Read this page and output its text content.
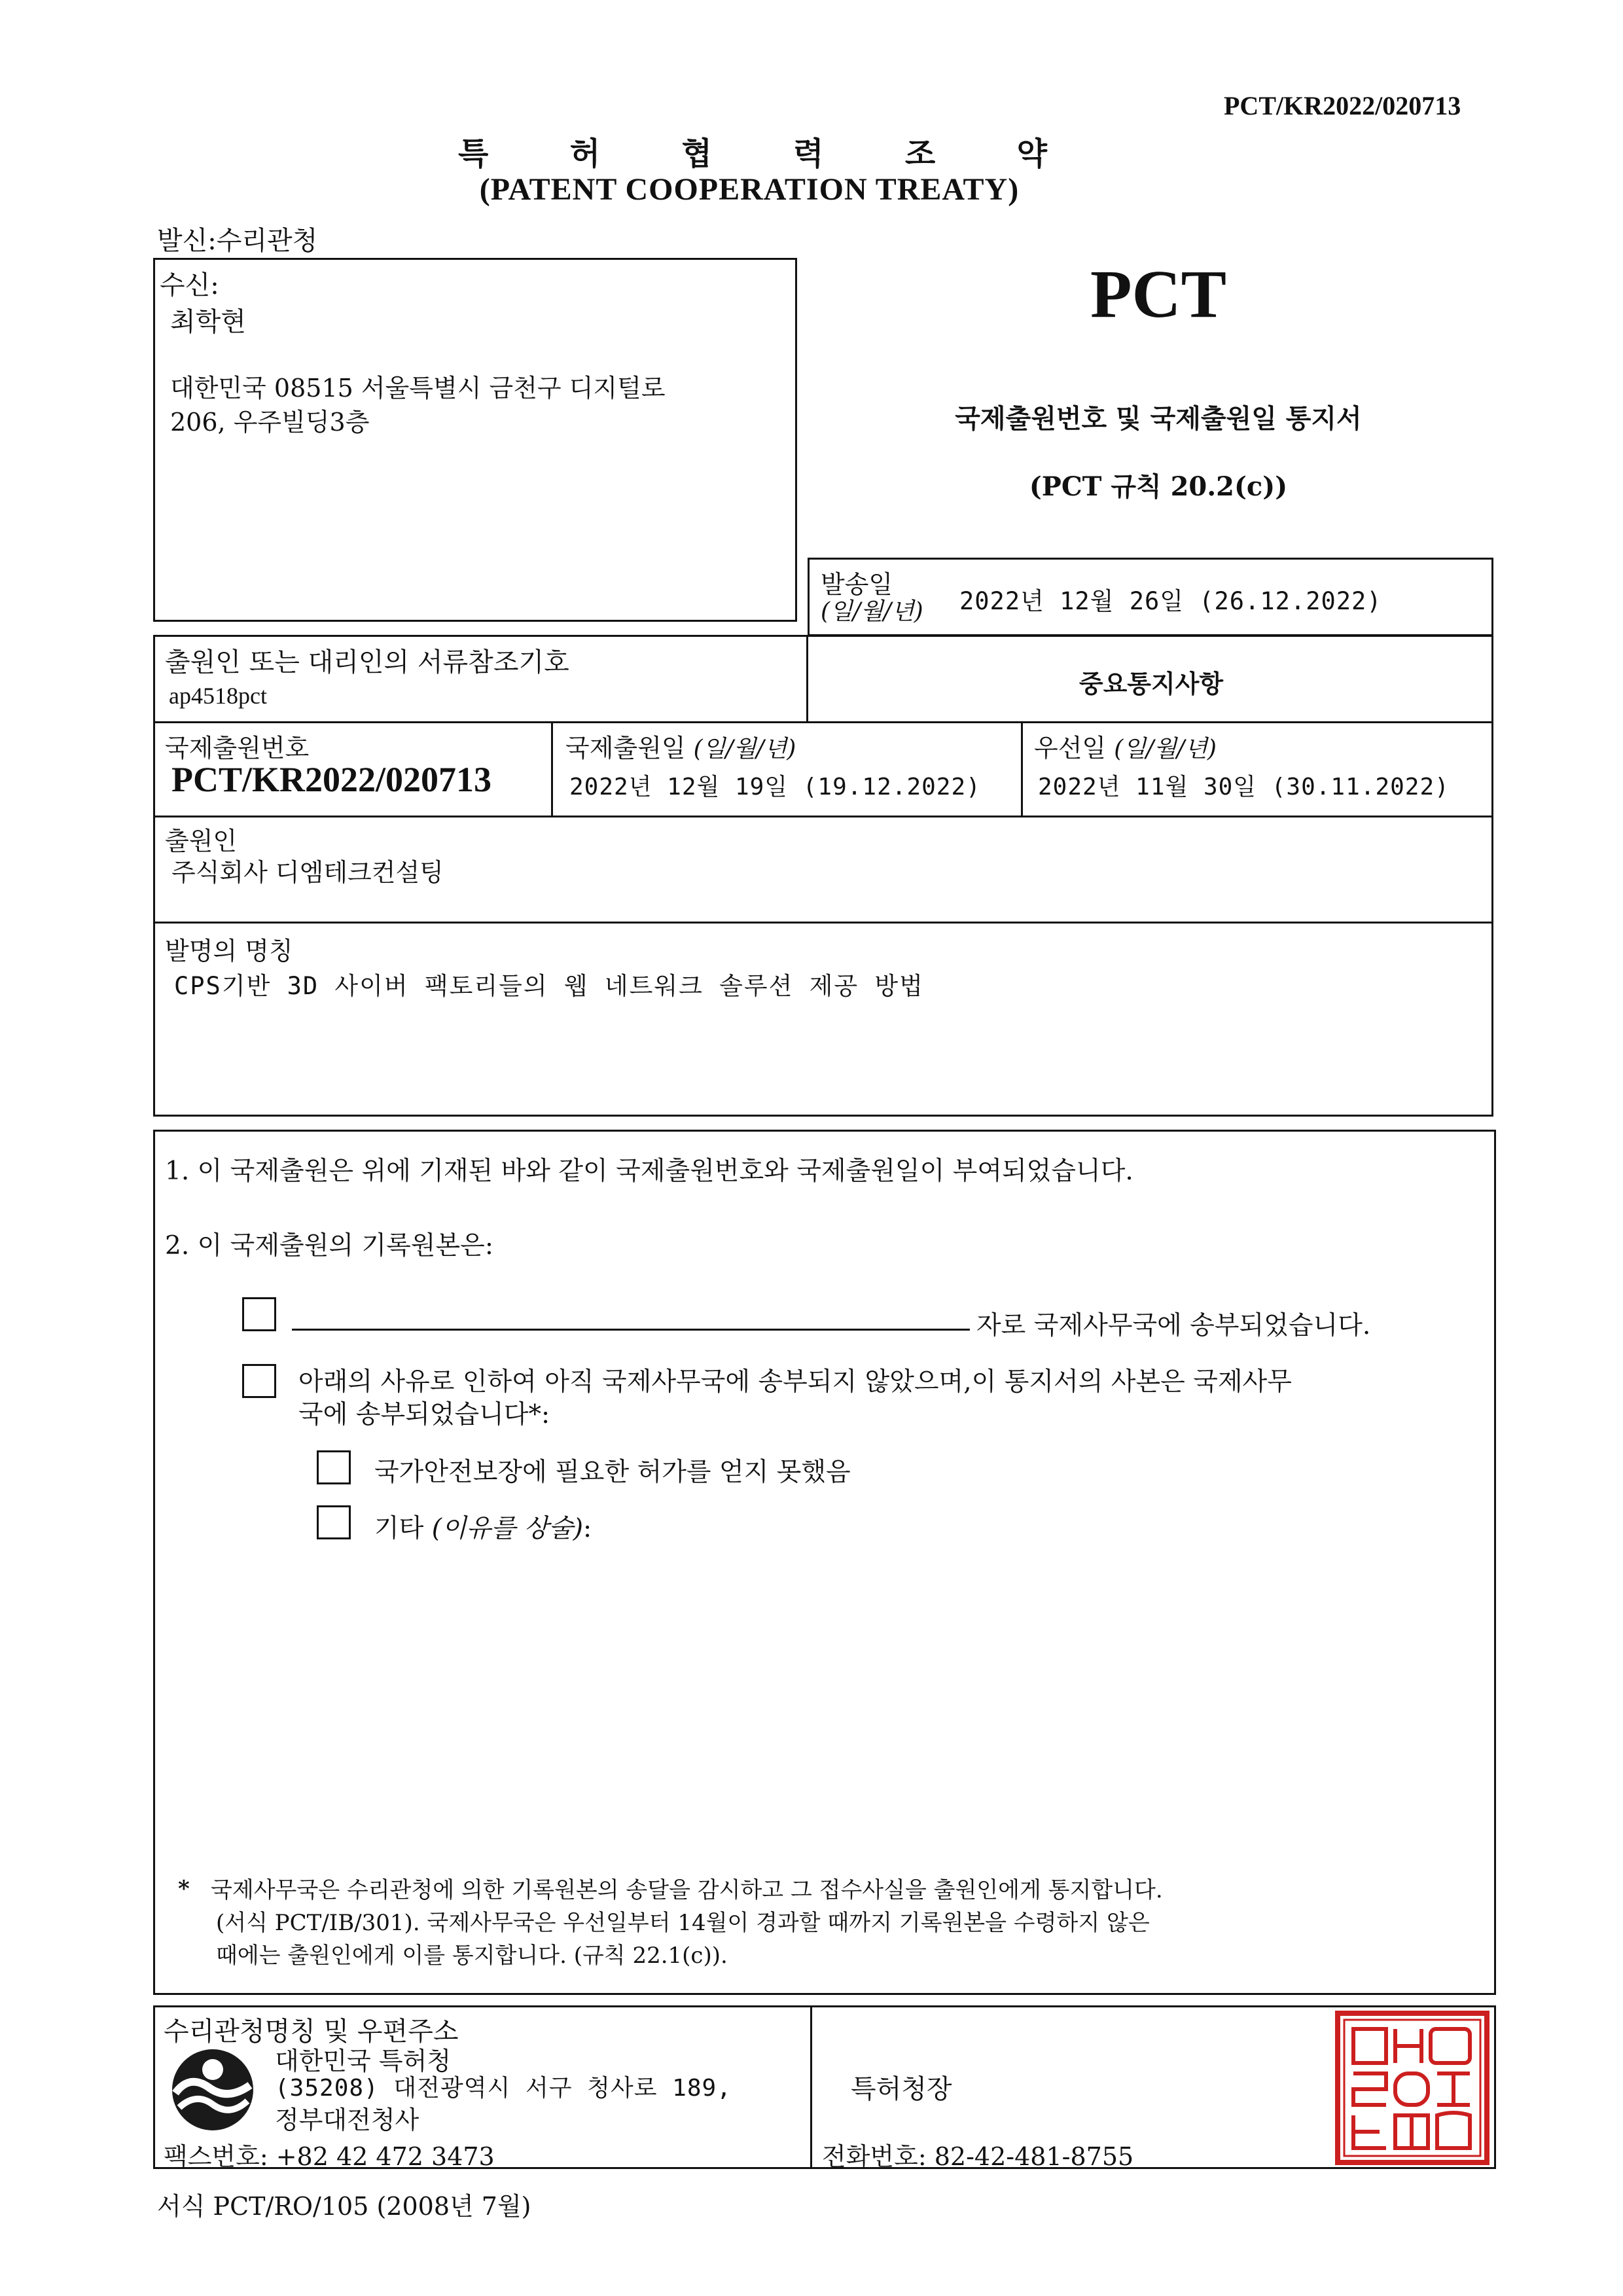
PCT/KR2022/020713
특	허	협	력	조	약
(PATENT COOPERATION TREATY)
발신:수리관청
수신:
최학현
대한민국 08515 서울특별시 금천구 디지털로
206, 우주빌딩3층
PCT
국제출원번호 및 국제출원일 통지서
(PCT 규칙 20.2(c))
발송일
(일/월/년) 2022년 12월 26일 (26.12.2022)
출원인 또는 대리인의 서류참조기호
ap4518pct	중요통지사항
국제출원번호
PCT/KR2022/020713
국제출원일 (일/월/년)
2022년 12월 19일 (19.12.2022)
우선일 (일/월/년)
2022년 11월 30일 (30.11.2022)
출원인
주식회사 디엠테크컨설팅
발명의 명칭
CPS기반 3D 사이버 팩토리들의 웹 네트워크 솔루션 제공 방법
1. 이 국제출원은 위에 기재된 바와 같이 국제출원번호와 국제출원일이 부여되었습니다.
2. 이 국제출원의 기록원본은:
자로 국제사무국에 송부되었습니다.
아래의 사유로 인하여 아직 국제사무국에 송부되지 않았으며,이 통지서의 사본은 국제사무
국에 송부되었습니다*:
국가안전보장에 필요한 허가를 얻지 못했음
기타 (이유를 상술):
* 국제사무국은 수리관청에 의한 기록원본의 송달을 감시하고 그 접수사실을 출원인에게 통지합니다.
(서식 PCT/IB/301). 국제사무국은 우선일부터 14월이 경과할 때까지 기록원본을 수령하지 않은
때에는 출원인에게 이를 통지합니다. (규칙 22.1(c)).
수리관청명칭 및 우편주소
대한민국 특허청
(35208) 대전광역시 서구 청사로 189,
정부대전청사
팩스번호: +82 42 472 3473
특허청장
전화번호: 82-42-481-8755
서식 PCT/RO/105 (2008년 7월)
